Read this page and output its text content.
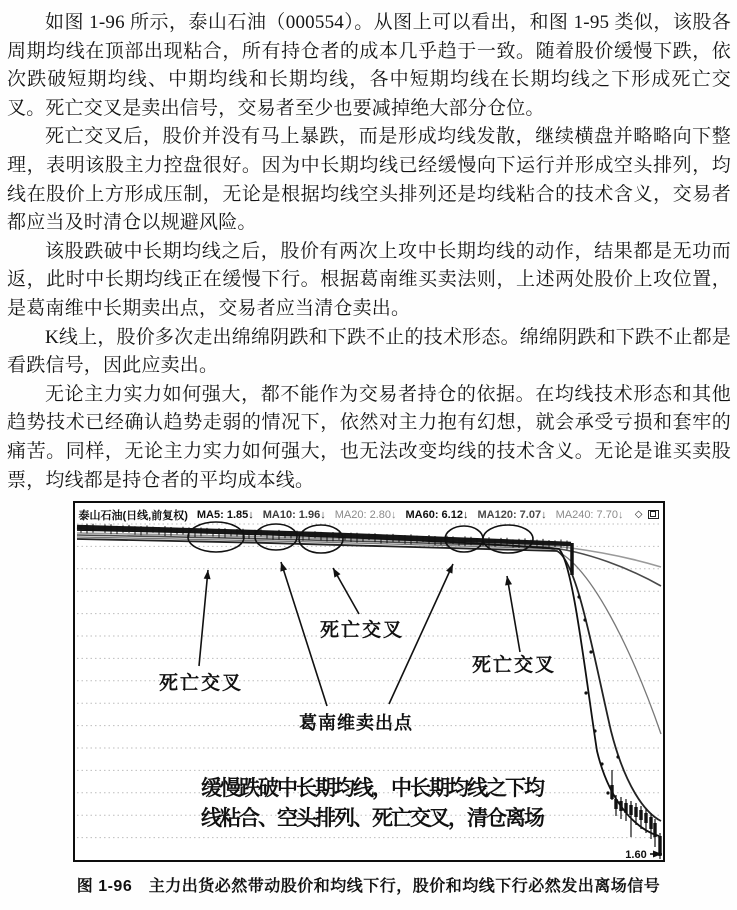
如图 1-96 所示，泰山石油（000554）。从图上可以看出，和图 1-95 类似，该股各周期均线在顶部出现粘合，所有持仓者的成本几乎趋于一致。随着股价缓慢下跌，依次跌破短期均线、中期均线和长期均线，各中短期均线在长期均线之下形成死亡交叉。死亡交叉是卖出信号，交易者至少也要减掉绝大部分仓位。

死亡交叉后，股价并没有马上暴跌，而是形成均线发散，继续横盘并略略向下整理，表明该股主力控盘很好。因为中长期均线已经缓慢向下运行并形成空头排列，均线在股价上方形成压制，无论是根据均线空头排列还是均线粘合的技术含义，交易者都应当及时清仓以规避风险。

该股跌破中长期均线之后，股价有两次上攻中长期均线的动作，结果都是无功而返，此时中长期均线正在缓慢下行。根据葛南维买卖法则，上述两处股价上攻位置，是葛南维中长期卖出点，交易者应当清仓卖出。

K线上，股价多次走出绵绵阴跌和下跌不止的技术形态。绵绵阴跌和下跌不止都是看跌信号，因此应卖出。

无论主力实力如何强大，都不能作为交易者持仓的依据。在均线技术形态和其他趋势技术已经确认趋势走弱的情况下，依然对主力抱有幻想，就会承受亏损和套牢的痛苦。同样，无论主力实力如何强大，也无法改变均线的技术含义。无论是谁买卖股票，均线都是持仓者的平均成本线。

泰山石油(日线,前复权) MA5: 1.85↓ MA10: 1.96↓ MA20: 2.80↓ MA60: 6.12↓ MA120: 7.07↓ MA240: 7.70↓ ◇
死亡交叉
死亡交叉
死亡交叉
葛南维卖出点
缓慢跌破中长期均线，中长期均线之下均
线粘合、空头排列、死亡交叉，清仓离场
1.60
图 1-96　主力出货必然带动股价和均线下行，股价和均线下行必然发出离场信号
